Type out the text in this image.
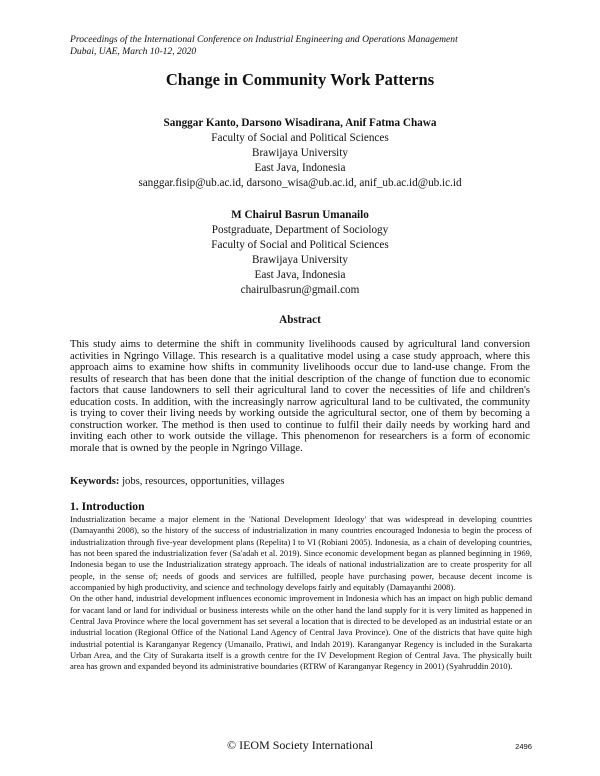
Proceedings of the International Conference on Industrial Engineering and Operations Management
Dubai, UAE, March 10-12, 2020
Change in Community Work Patterns
Sanggar Kanto, Darsono Wisadirana, Anif Fatma Chawa
Faculty of Social and Political Sciences
Brawijaya University
East Java, Indonesia
sanggar.fisip@ub.ac.id, darsono_wisa@ub.ac.id, anif_ub.ac.id@ub.ic.id
M Chairul Basrun Umanailo
Postgraduate, Department of Sociology
Faculty of Social and Political Sciences
Brawijaya University
East Java, Indonesia
chairulbasrun@gmail.com
Abstract

This study aims to determine the shift in community livelihoods caused by agricultural land conversion activities in Ngringo Village. This research is a qualitative model using a case study approach, where this approach aims to examine how shifts in community livelihoods occur due to land-use change. From the results of research that has been done that the initial description of the change of function due to economic factors that cause landowners to sell their agricultural land to cover the necessities of life and children's education costs. In addition, with the increasingly narrow agricultural land to be cultivated, the community is trying to cover their living needs by working outside the agricultural sector, one of them by becoming a construction worker. The method is then used to continue to fulfil their daily needs by working hard and inviting each other to work outside the village. This phenomenon for researchers is a form of economic morale that is owned by the people in Ngringo Village.

Keywords: jobs, resources, opportunities, villages
1. Introduction

Industrialization became a major element in the 'National Development Ideology' that was widespread in developing countries (Damayanthi 2008), so the history of the success of industrialization in many countries encouraged Indonesia to begin the process of industrialization through five-year development plans (Repelita) I to VI (Robiani 2005). Indonesia, as a chain of developing countries, has not been spared the industrialization fever (Sa'adah et al. 2019). Since economic development began as planned beginning in 1969, Indonesia began to use the Industrialization strategy approach. The ideals of national industrialization are to create prosperity for all people, in the sense of; needs of goods and services are fulfilled, people have purchasing power, because decent income is accompanied by high productivity, and science and technology develops fairly and equitably (Damayanthi 2008).

On the other hand, industrial development influences economic improvement in Indonesia which has an impact on high public demand for vacant land or land for individual or business interests while on the other hand the land supply for it is very limited as happened in Central Java Province where the local government has set several a location that is directed to be developed as an industrial estate or an industrial location (Regional Office of the National Land Agency of Central Java Province). One of the districts that have quite high industrial potential is Karanganyar Regency (Umanailo, Pratiwi, and Indah 2019). Karanganyar Regency is included in the Surakarta Urban Area, and the City of Surakarta itself is a growth centre for the IV Development Region of Central Java. The physically built area has grown and expanded beyond its administrative boundaries (RTRW of Karanganyar Regency in 2001) (Syahruddin 2010).

© IEOM Society International	2496
